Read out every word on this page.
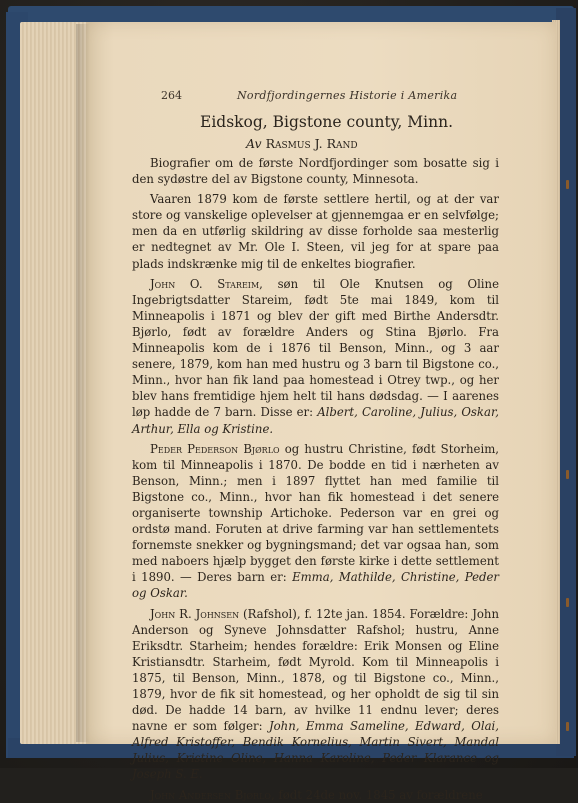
264	Nordfjordingernes Historie i Amerika
Eidskog, Bigstone county, Minn.
Av Rasmus J. Rand

Biografier om de første Nordfjordinger som bosatte sig i den sydøstre del av Bigstone county, Minnesota.

Vaaren 1879 kom de første settlere hertil, og at der var store og vanskelige oplevelser at gjennemgaa er en selvfølge; men da en utførlig skildring av disse forholde saa mesterlig er nedtegnet av Mr. Ole I. Steen, vil jeg for at spare paa plads indskrænke mig til de enkeltes biografier.

John O. Stareim, søn til Ole Knutsen og Oline Ingebrigtsdatter Stareim, født 5te mai 1849, kom til Minneapolis i 1871 og blev der gift med Birthe Andersdtr. Bjørlo, født av forældre Anders og Stina Bjørlo. Fra Minneapolis kom de i 1876 til Benson, Minn., og 3 aar senere, 1879, kom han med hustru og 3 barn til Bigstone co., Minn., hvor han fik land paa homestead i Otrey twp., og her blev hans fremtidige hjem helt til hans dødsdag. — I aarenes løp hadde de 7 barn. Disse er: Albert, Caroline, Julius, Oskar, Arthur, Ella og Kristine.

Peder Pederson Bjørlo og hustru Christine, født Storheim, kom til Minneapolis i 1870. De bodde en tid i nærheten av Benson, Minn.; men i 1897 flyttet han med familie til Bigstone co., Minn., hvor han fik homestead i det senere organiserte township Artichoke. Pederson var en grei og ordstø mand. Foruten at drive farming var han settlementets fornemste snekker og bygningsmand; det var ogsaa han, som med naboers hjælp bygget den første kirke i dette settlement i 1890. — Deres barn er: Emma, Mathilde, Christine, Peder og Oskar.

John R. Johnsen (Rafshol), f. 12te jan. 1854. Forældre: John Anderson og Syneve Johnsdatter Rafshol; hustru, Anne Eriksdtr. Starheim; hendes forældre: Erik Monsen og Eline Kristiansdtr. Starheim, født Myrold. Kom til Minneapolis i 1875, til Benson, Minn., 1878, og til Bigstone co., Minn., 1879, hvor de fik sit homestead, og her opholdt de sig til sin død. De hadde 14 barn, av hvilke 11 endnu lever; deres navne er som følger: John, Emma Sameline, Edward, Olai, Alfred Kristoffer, Bendik Kornelius, Martin Sivert, Mandal Julius, Kristine Oline, Hanna Karoline, Peder Klarance og Joseph S. E.

John Andersen Bjørlo, født 24de nov. 1845 av forældrene
